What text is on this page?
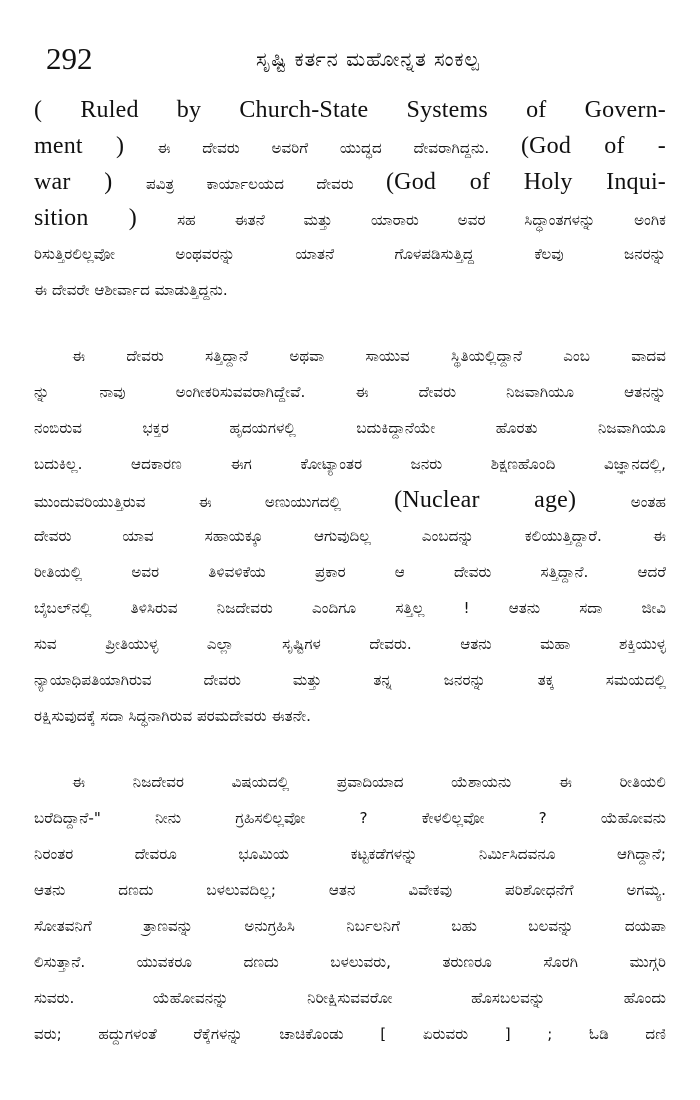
292	ಸೃಷ್ಟಿ ಕರ್ತನ ಮಹೋನ್ನತ ಸಂಕಲ್ಪ
( Ruled by Church-State Systems of Govern-
ment ) ಈ ದೇವರು ಅವರಿಗೆ ಯುದ್ಧದ ದೇವರಾಗಿದ್ದನು. (God of -
war ) ಪವಿತ್ರ ಕಾರ್ಯಾಲಯದ ದೇವರು (God of Holy Inqui-
sition ) ಸಹ ಈತನೆ ಮತ್ತು ಯಾರಾರು ಅವರ ಸಿದ್ಧಾಂತಗಳನ್ನು ಅಂಗಿಕ
ರಿಸುತ್ತಿರಲಿಲ್ಲವೋ ಅಂಥವರನ್ನು ಯಾತನೆ ಗೊಳಪಡಿಸುತ್ತಿದ್ದ ಕೆಲವು ಜನರನ್ನು
ಈ ದೇವರೇ ಆಶೀರ್ವಾದ ಮಾಡುತ್ತಿದ್ದನು.
ಈ ದೇವರು ಸತ್ತಿದ್ದಾನೆ ಅಥವಾ ಸಾಯುವ ಸ್ಥಿತಿಯಲ್ಲಿದ್ದಾನೆ ಎಂಬ ವಾದವ
ನ್ನು ನಾವು ಅಂಗೀಕರಿಸುವವರಾಗಿದ್ದೇವೆ. ಈ ದೇವರು ನಿಜವಾಗಿಯೂ ಆತನನ್ನು
ನಂಬಿರುವ ಭಕ್ತರ ಹೃದಯಗಳಲ್ಲಿ ಬದುಕಿದ್ದಾನೆಯೇ ಹೊರತು ನಿಜವಾಗಿಯೂ
ಬದುಕಿಲ್ಲ. ಆದಕಾರಣ ಈಗ ಕೋಟ್ಯಾಂತರ ಜನರು ಶಿಕ್ಷಣಹೊಂದಿ ವಿಜ್ಞಾನದಲ್ಲಿ,
ಮುಂದುವರಿಯುತ್ತಿರುವ ಈ ಅಣುಯುಗದಲ್ಲಿ (Nuclear age) ಅಂತಹ
ದೇವರು ಯಾವ ಸಹಾಯಕ್ಕೂ ಆಗುವುದಿಲ್ಲ ಎಂಬದನ್ನು ಕಲಿಯುತ್ತಿದ್ದಾರೆ. ಈ
ರೀತಿಯಲ್ಲಿ ಅವರ ತಿಳಿವಳಿಕೆಯ ಪ್ರಕಾರ ಆ ದೇವರು ಸತ್ತಿದ್ದಾನೆ. ಆದರೆ
ಬೈಬಲ್‌ನಲ್ಲಿ ತಿಳಿಸಿರುವ ನಿಜದೇವರು ಎಂದಿಗೂ ಸತ್ತಿಲ್ಲ ! ಆತನು ಸದಾ ಜೀವಿ
ಸುವ ಪ್ರೀತಿಯುಳ್ಳ ಎಲ್ಲಾ ಸೃಷ್ಟಿಗಳ ದೇವರು. ಆತನು ಮಹಾ ಶಕ್ತಿಯುಳ್ಳ
ನ್ಯಾಯಾಧಿಪತಿಯಾಗಿರುವ ದೇವರು ಮತ್ತು ತನ್ನ ಜನರನ್ನು ತಕ್ಕ ಸಮಯದಲ್ಲಿ
ರಕ್ಷಿಸುವುದಕ್ಕೆ ಸದಾ ಸಿದ್ಧನಾಗಿರುವ ಪರಮದೇವರು ಈತನೇ.
ಈ ನಿಜದೇವರ ವಿಷಯದಲ್ಲಿ ಪ್ರವಾದಿಯಾದ ಯೆಶಾಯನು ಈ ರೀತಿಯಲಿ
ಬರೆದಿದ್ದಾನೆ-" ನೀನು ಗ್ರಹಿಸಲಿಲ್ಲವೋ ? ಕೇಳಲಿಲ್ಲವೋ ? ಯೆಹೋವನು
ನಿರಂತರ ದೇವರೂ ಭೂಮಿಯ ಕಟ್ಟಕಡೆಗಳನ್ನು ನಿರ್ಮಿಸಿದವನೂ ಆಗಿದ್ದಾನೆ;
ಆತನು ದಣದು ಬಳಲುವದಿಲ್ಲ; ಆತನ ವಿವೇಕವು ಪರಿಶೋಧನೆಗೆ ಅಗಮ್ಯ.
ಸೋತವನಿಗೆ ತ್ರಾಣವನ್ನು ಅನುಗ್ರಹಿಸಿ ನಿರ್ಬಲನಿಗೆ ಬಹು ಬಲವನ್ನು ದಯಪಾ
ಲಿಸುತ್ತಾನೆ. ಯುವಕರೂ ದಣದು ಬಳಲುವರು, ತರುಣರೂ ಸೊರಗಿ ಮುಗ್ಗರಿ
ಸುವರು. ಯೆಹೋವನನ್ನು ನಿರೀಕ್ಷಿಸುವವರೋ ಹೊಸಬಲವನ್ನು ಹೊಂದು
ವರು; ಹದ್ದುಗಳಂತೆ ರೆಕ್ಕೆಗಳನ್ನು ಚಾಚಿಕೊಂಡು [ ಏರುವರು ] ; ಓಡಿ ದಣಿ
